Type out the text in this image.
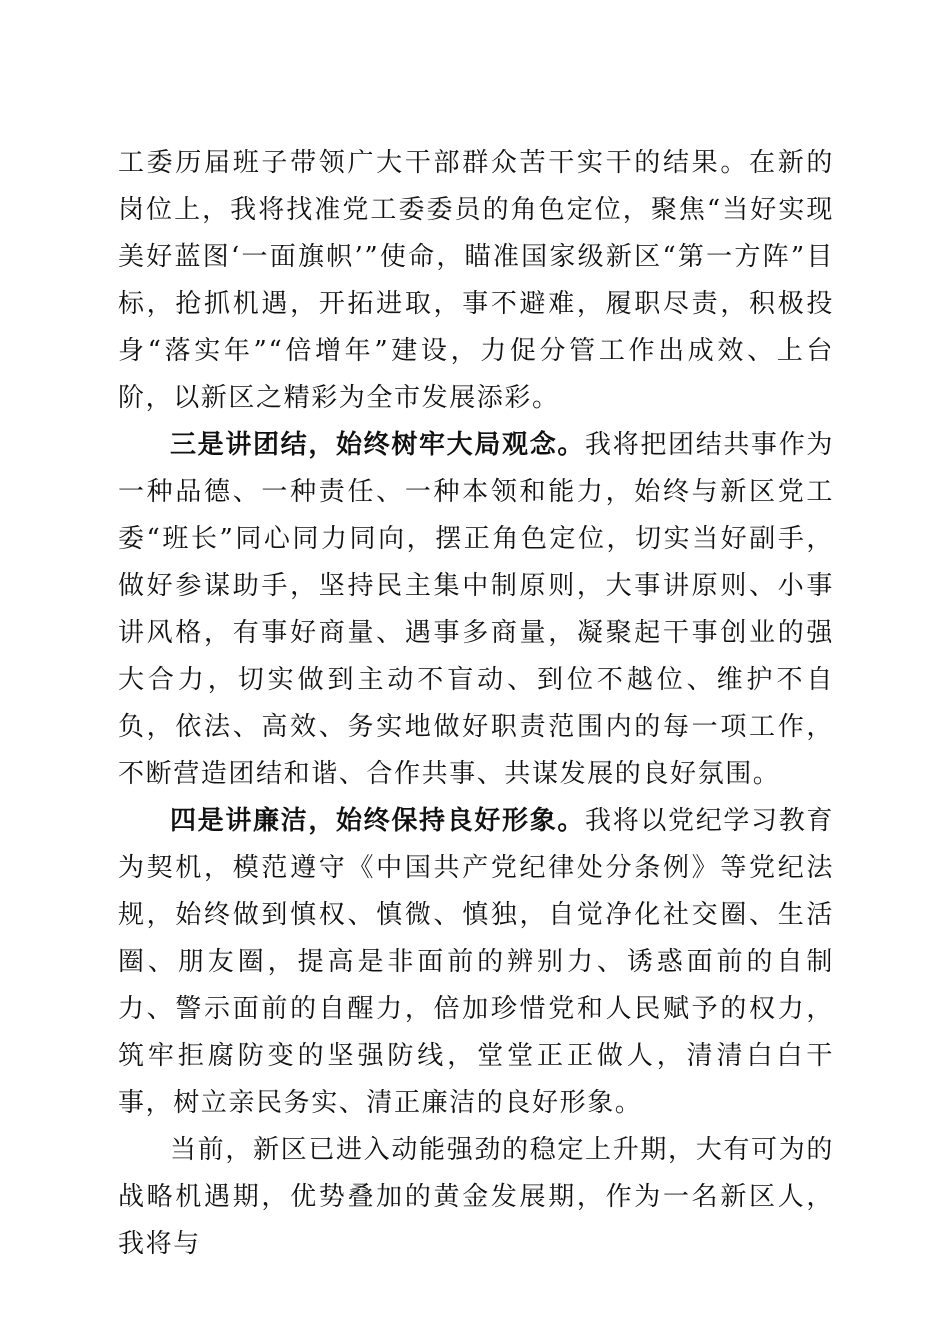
工委历届班子带领广大干部群众苦干实干的结果。在新的岗位上，我将找准党工委委员的角色定位，聚焦“当好实现美好蓝图‘一面旗帜’”使命，瞄准国家级新区“第一方阵”目标，抢抓机遇，开拓进取，事不避难，履职尽责，积极投身“落实年”“倍增年”建设，力促分管工作出成效、上台阶，以新区之精彩为全市发展添彩。

三是讲团结，始终树牢大局观念。我将把团结共事作为一种品德、一种责任、一种本领和能力，始终与新区党工委“班长”同心同力同向，摆正角色定位，切实当好副手，做好参谋助手，坚持民主集中制原则，大事讲原则、小事讲风格，有事好商量、遇事多商量，凝聚起干事创业的强大合力，切实做到主动不盲动、到位不越位、维护不自负，依法、高效、务实地做好职责范围内的每一项工作，不断营造团结和谐、合作共事、共谋发展的良好氛围。

四是讲廉洁，始终保持良好形象。我将以党纪学习教育为契机，模范遵守《中国共产党纪律处分条例》等党纪法规，始终做到慎权、慎微、慎独，自觉净化社交圈、生活圈、朋友圈，提高是非面前的辨别力、诱惑面前的自制力、警示面前的自醒力，倍加珍惜党和人民赋予的权力，筑牢拒腐防变的坚强防线，堂堂正正做人，清清白白干事，树立亲民务实、清正廉洁的良好形象。

当前，新区已进入动能强劲的稳定上升期，大有可为的战略机遇期，优势叠加的黄金发展期，作为一名新区人，我将与
